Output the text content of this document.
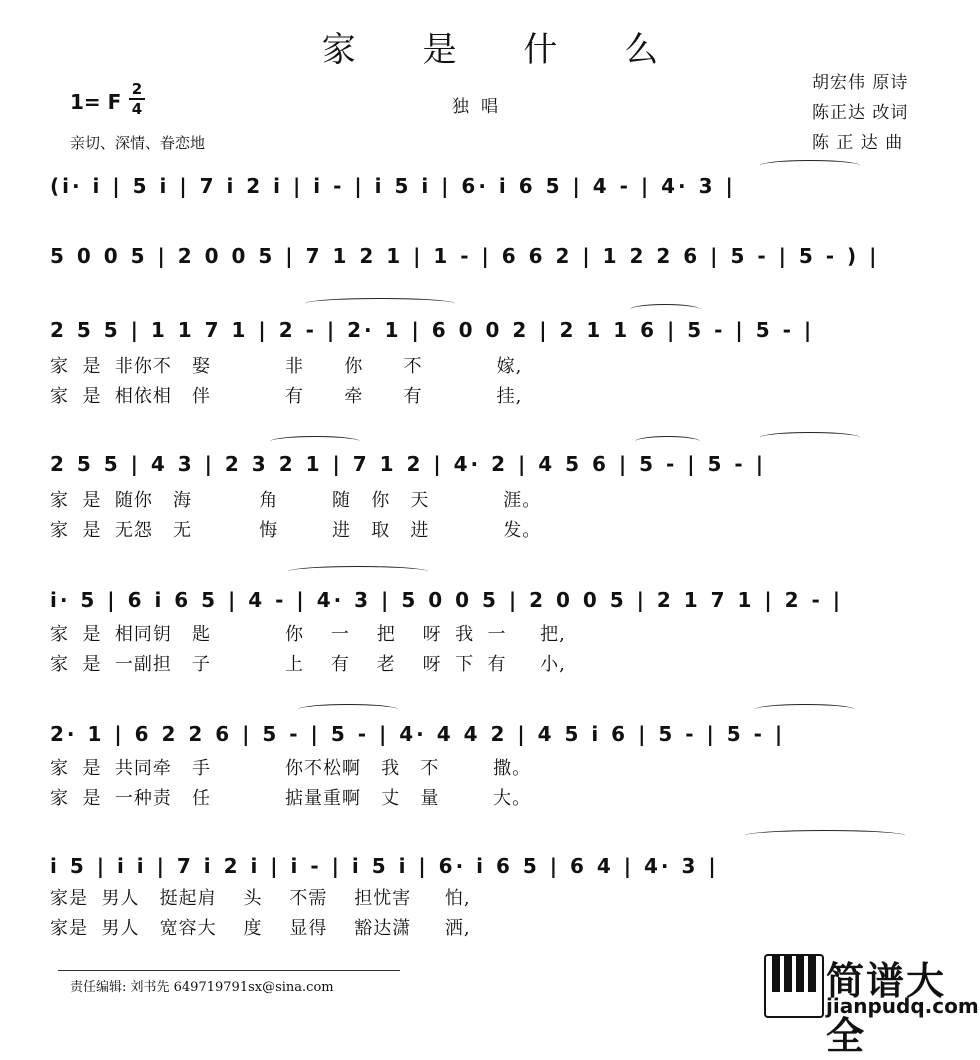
家 是 什 么
1= F
2
4	独唱
亲切、深情、眷恋地
胡宏伟 原诗
陈正达 改词
陈 正 达 曲
(i· i | 5 i | 7 i 2 i | i - | i 5 i | 6· i 6 5 | 4 - | 4· 3 |
5 0 0 5 | 2 0 0 5 | 7 1 2 1 | 1 - | 6 6 2 | 1 2 2 6 | 5 - | 5 - ) |
2 5 5 | 1 1 7 1 | 2 - | 2· 1 | 6 0 0 2 | 2 1 1 6 | 5 - | 5 - |
家  是  非你不   娶           非      你      不           嫁,
家  是  相依相   伴           有      牵      有           挂,
2 5 5 | 4 3 | 2 3 2 1 | 7 1 2 | 4· 2 | 4 5 6 | 5 - | 5 - |
家  是  随你   海          角        随   你   天           涯。
家  是  无怨   无          悔        进   取   进           发。
i· 5 | 6 i 6 5 | 4 - | 4· 3 | 5 0 0 5 | 2 0 0 5 | 2 1 7 1 | 2 - |
家  是  相同钥   匙           你    一    把    呀  我  一     把,
家  是  一副担   子           上    有    老    呀  下  有     小,
2· 1 | 6 2 2 6 | 5 - | 5 - | 4· 4 4 2 | 4 5 i 6 | 5 - | 5 - |
家  是  共同牵   手           你不松啊   我   不        撒。
家  是  一种责   任           掂量重啊   丈   量        大。
i 5 | i i | 7 i 2 i | i - | i 5 i | 6· i 6 5 | 6 4 | 4· 3 |
家是  男人   挺起肩    头    不需    担忧害     怕,
家是  男人   宽容大    度    显得    豁达潇     洒,
责任编辑: 刘书先 649719791sx@sina.com	简谱大全
jianpudq.com
